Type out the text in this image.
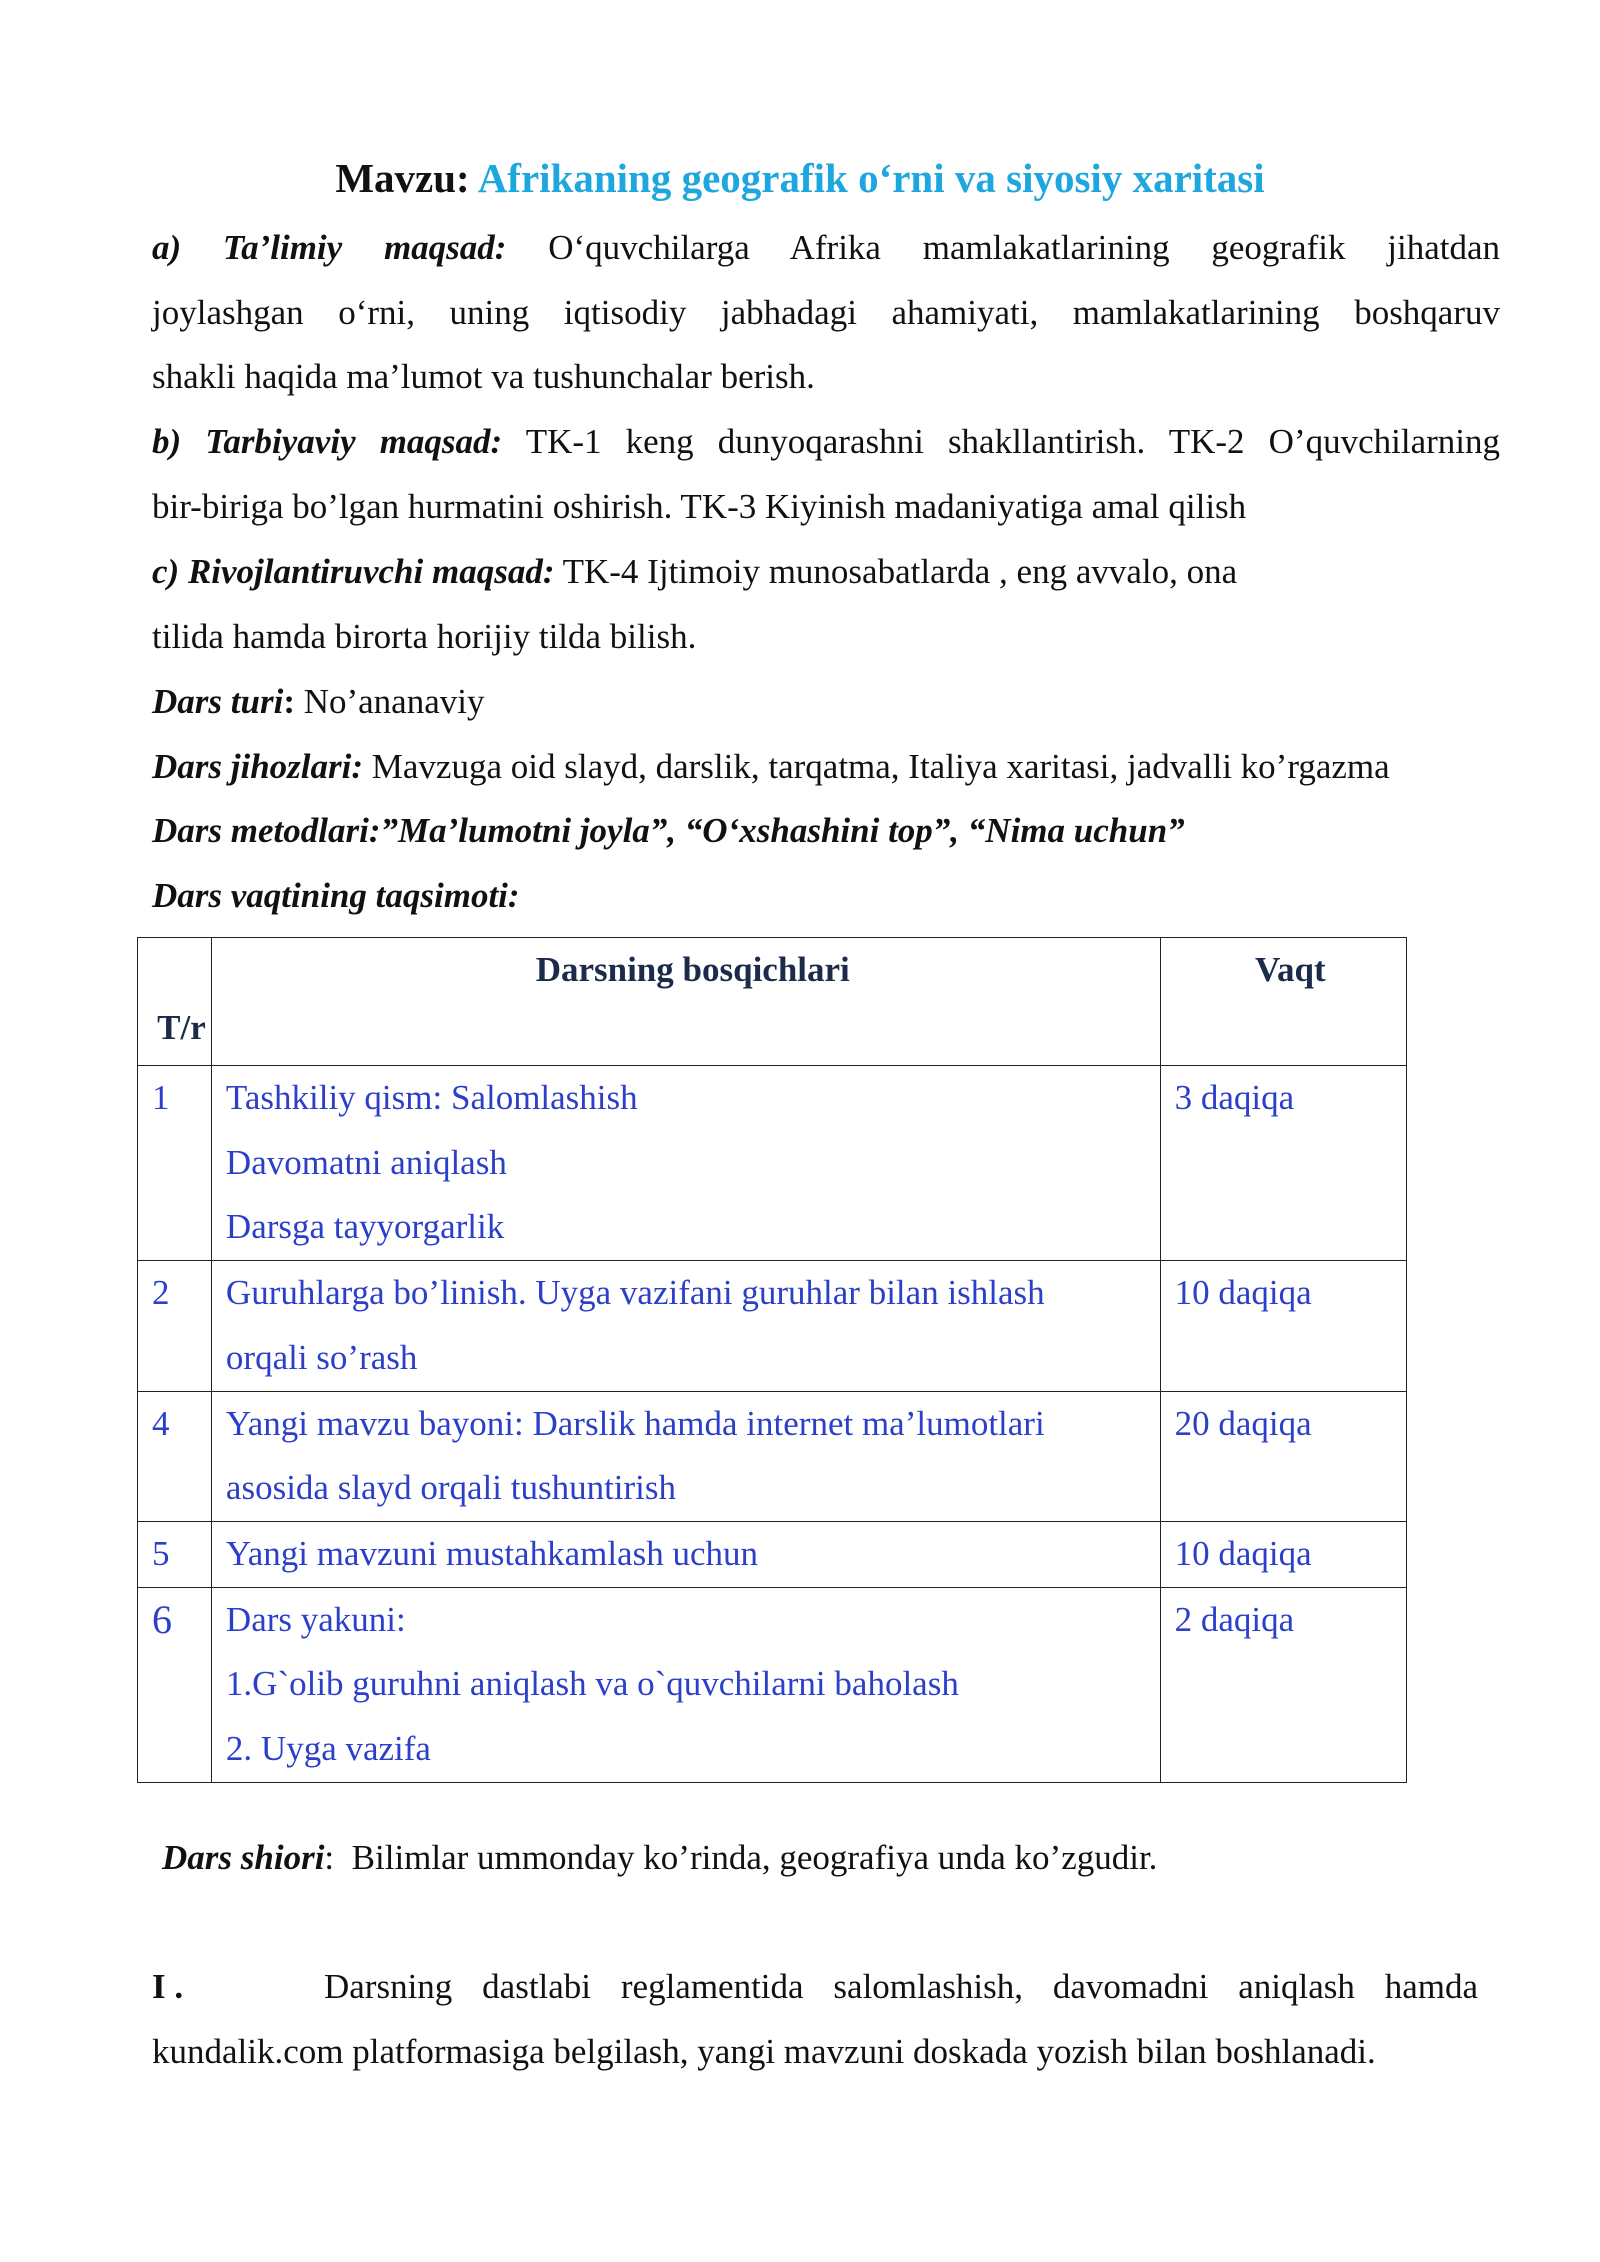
Mavzu: Afrikaning geografik o‘rni va siyosiy xaritasi
a) Ta’limiy maqsad: O‘quvchilarga Afrika mamlakatlarining geografik jihatdan
joylashgan o‘rni, uning iqtisodiy jabhadagi ahamiyati, mamlakatlarining boshqaruv
shakli haqida ma’lumot va tushunchalar berish.
b) Tarbiyaviy maqsad: TK-1 keng dunyoqarashni shakllantirish. TK-2 O’quvchilarning
bir-biriga bo’lgan hurmatini oshirish. TK-3 Kiyinish madaniyatiga amal qilish
c) Rivojlantiruvchi maqsad: TK-4 Ijtimoiy munosabatlarda , eng avvalo, ona
tilida hamda birorta horijiy tilda bilish.
Dars turi: No’ananaviy
Dars jihozlari: Mavzuga oid slayd, darslik, tarqatma, Italiya xaritasi, jadvalli ko’rgazma
Dars metodlari:”Ma’lumotni joyla”, “O‘xshashini top”, “Nima uchun”
Dars vaqtining taqsimoti:
T/r	Darsning bosqichlari	Vaqt
1	Tashkiliy qism: Salomlashish
Davomatni aniqlash
Darsga tayyorgarlik	3 daqiqa
2	Guruhlarga bo’linish. Uyga vazifani guruhlar bilan ishlash
orqali so’rash	10 daqiqa
4	Yangi mavzu bayoni: Darslik hamda internet ma’lumotlari
asosida slayd orqali tushuntirish	20 daqiqa
5	Yangi mavzuni mustahkamlash uchun	10 daqiqa
6	Dars yakuni:
1.G`olib guruhni aniqlash va o`quvchilarni baholash
2. Uyga vazifa	2 daqiqa
Dars shiori: Bilimlar ummonday ko’rinda, geografiya unda ko’zgudir.
I .	Darsning dastlabi reglamentida salomlashish, davomadni aniqlash hamda
kundalik.com platformasiga belgilash, yangi mavzuni doskada yozish bilan boshlanadi.
